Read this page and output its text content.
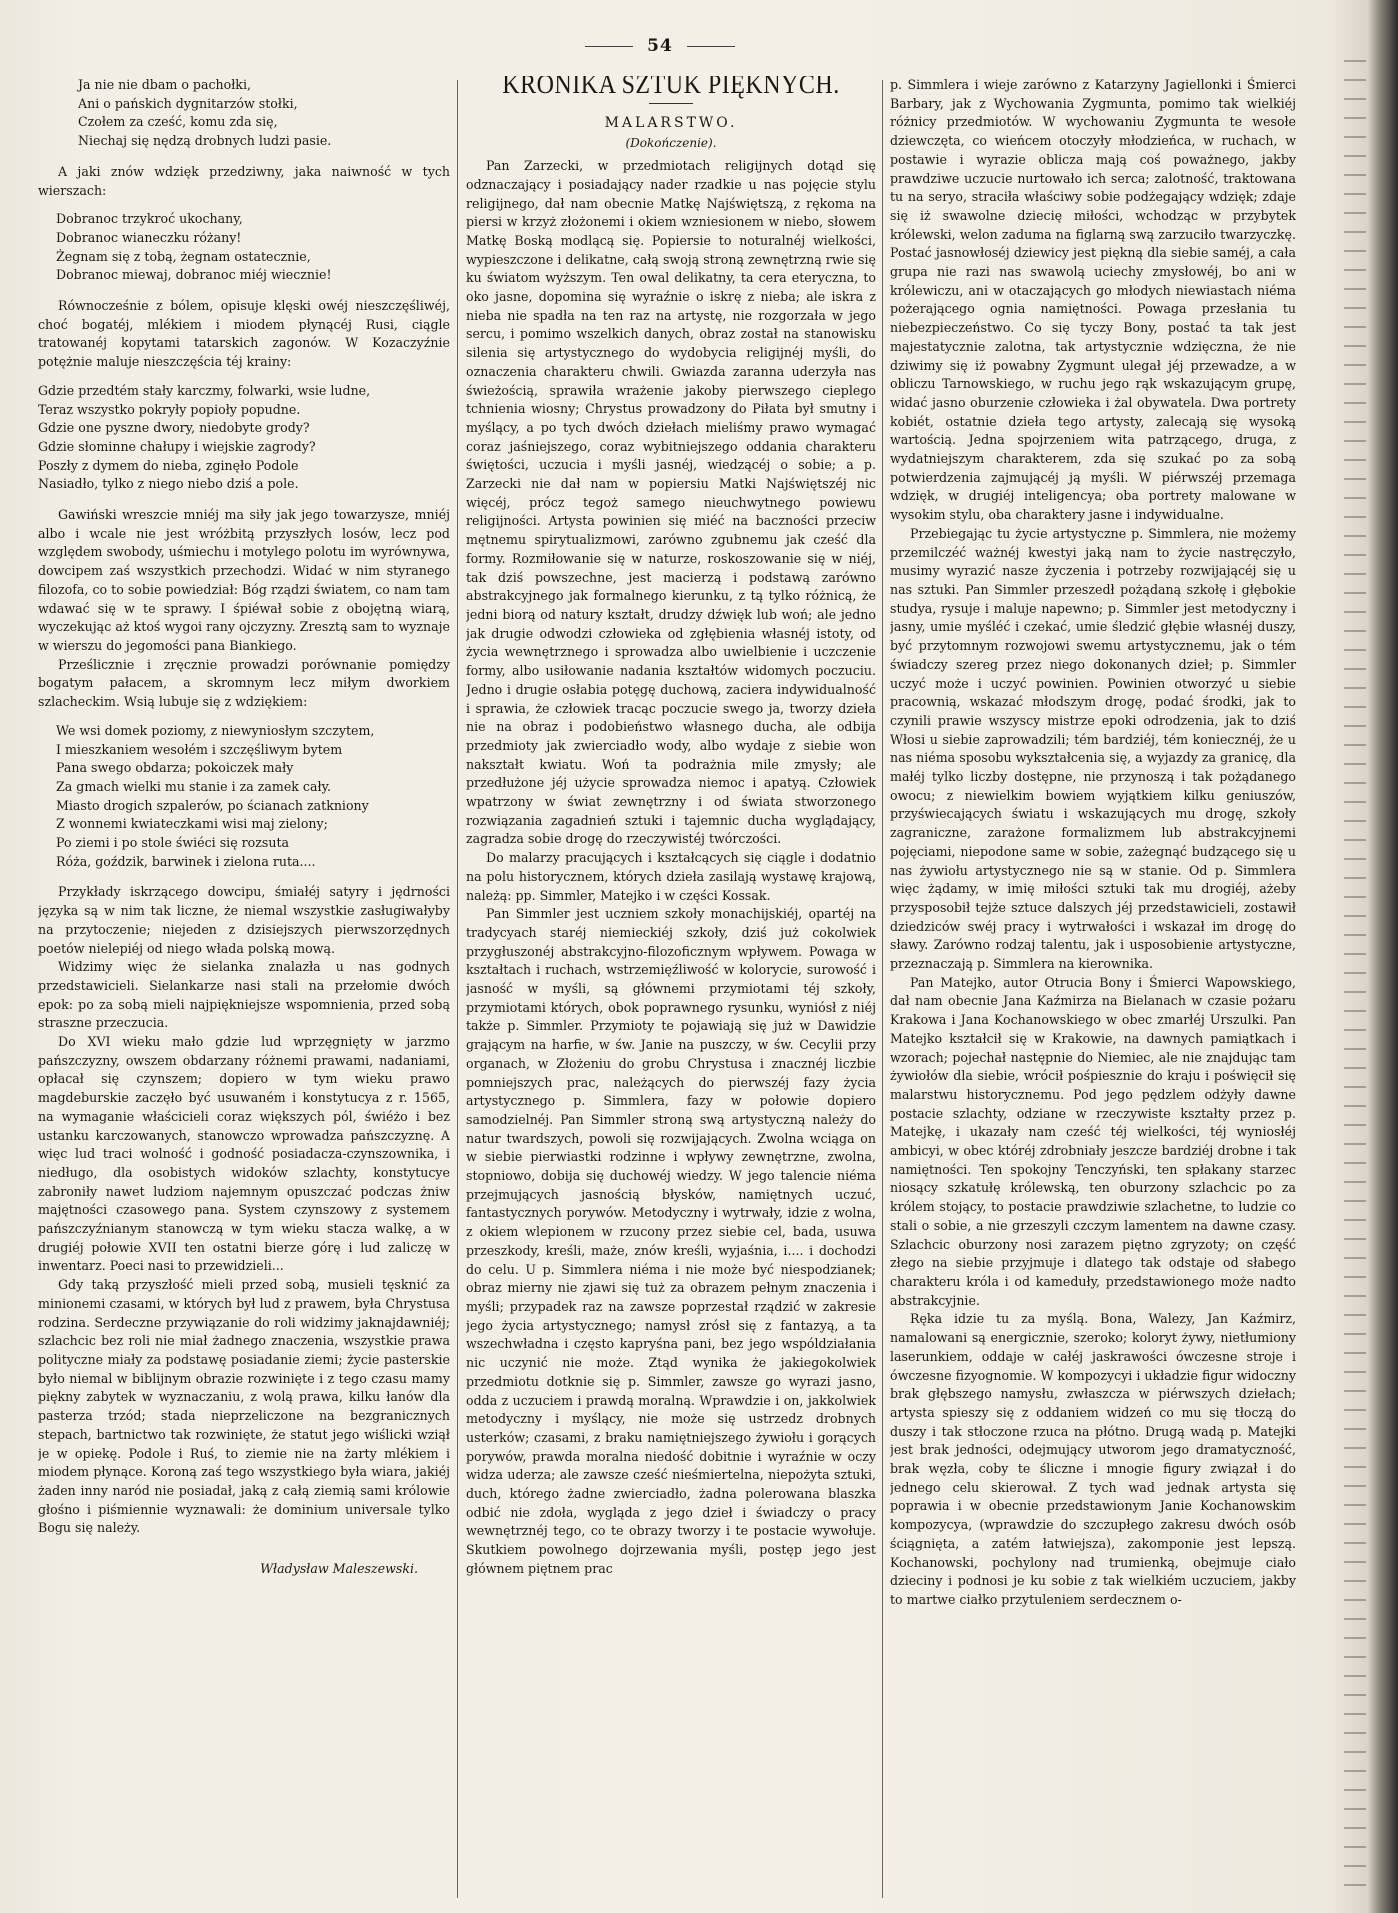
54
Ja nie nie dbam o pachołki,
Ani o pańskich dygnitarzów stołki,
Czołem za cześć, komu zda się,
Niechaj się nędzą drobnych ludzi pasie.

A jaki znów wdzięk przedziwny, jaka naiwność w tych wierszach:

Dobranoc trzykroć ukochany,
Dobranoc wianeczku różany!
Żegnam się z tobą, żegnam ostatecznie,
Dobranoc miewaj, dobranoc miéj wiecznie!

Równocześnie z bólem, opisuje klęski owéj nieszczęśliwéj, choć bogatéj, mlékiem i miodem płynącéj Rusi, ciągle tratowanéj kopytami tatarskich zagonów. W Kozaczyźnie potężnie maluje nieszczęścia téj krainy:

Gdzie przedtém stały karczmy, folwarki, wsie ludne,
Teraz wszystko pokryły popioły popudne.
Gdzie one pyszne dwory, niedobyte grody?
Gdzie słominne chałupy i wiejskie zagrody?
Poszły z dymem do nieba, zginęło Podole
Nasiadło, tylko z niego niebo dziś a pole.

Gawiński wreszcie mniéj ma siły jak jego towarzysze, mniéj albo i wcale nie jest wróżbitą przyszłych losów, lecz pod względem swobody, uśmiechu i motylego polotu im wyrównywa, dowcipem zaś wszystkich przechodzi. Widać w nim styranego filozofa, co to sobie powiedział: Bóg rządzi światem, co nam tam wdawać się w te sprawy. I śpiéwał sobie z obojętną wiarą, wyczekując aż ktoś wygoi rany ojczyzny. Zresztą sam to wyznaje w wierszu do jegomości pana Biankiego.

Prześlicznie i zręcznie prowadzi porównanie pomiędzy bogatym pałacem, a skromnym lecz miłym dworkiem szlacheckim. Wsią lubuje się z wdziękiem:

We wsi domek poziomy, z niewyniosłym szczytem,
I mieszkaniem wesołém i szczęśliwym bytem
Pana swego obdarza; pokoiczek mały
Za gmach wielki mu stanie i za zamek cały.
Miasto drogich szpalerów, po ścianach zatkniony
Z wonnemi kwiateczkami wisi maj zielony;
Po ziemi i po stole świéci się rozsuta
Róża, goździk, barwinek i zielona ruta....

Przykłady iskrzącego dowcipu, śmiałéj satyry i jędrności języka są w nim tak liczne, że niemal wszystkie zasługiwałyby na przytoczenie; niejeden z dzisiejszych pierwszorzędnych poetów nielepiéj od niego włada polską mową.

Widzimy więc że sielanka znalazła u nas godnych przedstawicieli. Sielankarze nasi stali na przełomie dwóch epok: po za sobą mieli najpiękniejsze wspomnienia, przed sobą straszne przeczucia.

Do XVI wieku mało gdzie lud wprzęgnięty w jarzmo pańszczyzny, owszem obdarzany różnemi prawami, nadaniami, opłacał się czynszem; dopiero w tym wieku prawo magdeburskie zaczęło być usuwaném i konstytucya z r. 1565, na wymaganie właścicieli coraz większych pól, świéżo i bez ustanku karczowanych, stanowczo wprowadza pańszczyznę. A więc lud traci wolność i godność posiadacza-czynszownika, i niedługo, dla osobistych widoków szlachty, konstytucye zabroniły nawet ludziom najemnym opuszczać podczas żniw majętności czasowego pana. System czynszowy z systemem pańszczyźnianym stanowczą w tym wieku stacza walkę, a w drugiéj połowie XVII ten ostatni bierze górę i lud zaliczę w inwentarz. Poeci nasi to przewidzieli...

Gdy taką przyszłość mieli przed sobą, musieli tęsknić za minionemi czasami, w których był lud z prawem, była Chrystusa rodzina. Serdeczne przywiązanie do roli widzimy jaknajdawniéj; szlachcic bez roli nie miał żadnego znaczenia, wszystkie prawa polityczne miały za podstawę posiadanie ziemi; życie pasterskie było niemal w biblijnym obrazie rozwinięte i z tego czasu mamy piękny zabytek w wyznaczaniu, z wolą prawa, kilku łanów dla pasterza trzód; stada nieprzeliczone na bezgranicznych stepach, bartnictwo tak rozwinięte, że statut jego wiślicki wziął je w opiekę. Podole i Ruś, to ziemie nie na żarty mlékiem i miodem płynące. Koroną zaś tego wszystkiego była wiara, jakiéj żaden inny naród nie posiadał, jaką z całą ziemią sami królowie głośno i piśmiennie wyznawali: że dominium universale tylko Bogu się należy.

Władysław Maleszewski.
KRONIKA SZTUK PIĘKNYCH.
MALARSTWO.
(Dokończenie).

Pan Zarzecki, w przedmiotach religijnych dotąd się odznaczający i posiadający nader rzadkie u nas pojęcie stylu religijnego, dał nam obecnie Matkę Najświętszą, z rękoma na piersi w krzyż złożonemi i okiem wzniesionem w niebo, słowem Matkę Boską modlącą się. Popiersie to noturalnéj wielkości, wypieszczone i delikatne, całą swoją stroną zewnętrzną rwie się ku światom wyższym. Ten owal delikatny, ta cera eteryczna, to oko jasne, dopomina się wyraźnie o iskrę z nieba; ale iskra z nieba nie spadła na ten raz na artystę, nie rozgorzała w jego sercu, i pomimo wszelkich danych, obraz został na stanowisku silenia się artystycznego do wydobycia religijnéj myśli, do oznaczenia charakteru chwili. Gwiazda zaranna uderzyła nas świeżością, sprawiła wrażenie jakoby pierwszego cieplego tchnienia wiosny; Chrystus prowadzony do Piłata był smutny i myślący, a po tych dwóch dziełach mieliśmy prawo wymagać coraz jaśniejszego, coraz wybitniejszego oddania charakteru świętości, uczucia i myśli jasnéj, wiedzącéj o sobie; a p. Zarzecki nie dał nam w popiersiu Matki Najświętszéj nic więcéj, prócz tegoż samego nieuchwytnego powiewu religijności. Artysta powinien się miéć na baczności przeciw mętnemu spirytualizmowi, zarówno zgubnemu jak cześć dla formy. Rozmiłowanie się w naturze, roskoszowanie się w niéj, tak dziś powszechne, jest macierzą i podstawą zarówno abstrakcyjnego jak formalnego kierunku, z tą tylko różnicą, że jedni biorą od natury kształt, drudzy dźwięk lub woń; ale jedno jak drugie odwodzi człowieka od zgłębienia własnéj istoty, od życia wewnętrznego i sprowadza albo uwielbienie i uczczenie formy, albo usiłowanie nadania kształtów widomych poczuciu. Jedno i drugie osłabia potęgę duchową, zaciera indywidualność i sprawia, że człowiek tracąc poczucie swego ja, tworzy dzieła nie na obraz i podobieństwo własnego ducha, ale odbija przedmioty jak zwierciadło wody, albo wydaje z siebie won nakształt kwiatu. Woń ta podrażnia mile zmysły; ale przedłużone jéj użycie sprowadza niemoc i apatyą. Człowiek wpatrzony w świat zewnętrzny i od świata stworzonego rozwiązania zagadnień sztuki i tajemnic ducha wyglądający, zagradza sobie drogę do rzeczywistéj twórczości.

Do malarzy pracujących i kształcących się ciągle i dodatnio na polu historycznem, których dzieła zasilają wystawę krajową, należą: pp. Simmler, Matejko i w części Kossak.

Pan Simmler jest uczniem szkoły monachijskiéj, opartéj na tradycyach staréj niemieckiéj szkoły, dziś już cokolwiek przygłuszonéj abstrakcyjno-filozoficznym wpływem. Powaga w kształtach i ruchach, wstrzemięźliwość w kolorycie, surowość i jasność w myśli, są głównemi przymiotami téj szkoły, przymiotami których, obok poprawnego rysunku, wyniósł z niéj także p. Simmler. Przymioty te pojawiają się już w Dawidzie grającym na harfie, w św. Janie na puszczy, w św. Cecylii przy organach, w Złożeniu do grobu Chrystusa i znacznéj liczbie pomniejszych prac, należących do pierwszéj fazy życia artystycznego p. Simmlera, fazy w połowie dopiero samodzielnéj. Pan Simmler stroną swą artystyczną należy do natur twardszych, powoli się rozwijających. Zwolna wciąga on w siebie pierwiastki rodzinne i wpływy zewnętrzne, zwolna, stopniowo, dobija się duchowéj wiedzy. W jego talencie niéma przejmujących jasnością błysków, namiętnych uczuć, fantastycznych porywów. Metodyczny i wytrwały, idzie z wolna, z okiem wlepionem w rzucony przez siebie cel, bada, usuwa przeszkody, kreśli, maże, znów kreśli, wyjaśnia, i.... i dochodzi do celu. U p. Simmlera niéma i nie może być niespodzianek; obraz mierny nie zjawi się tuż za obrazem pełnym znaczenia i myśli; przypadek raz na zawsze poprzestał rządzić w zakresie jego życia artystycznego; namysł zrósł się z fantazyą, a ta wszechwładna i często kapryśna pani, bez jego wspóldziałania nic uczynić nie może. Ztąd wynika że jakiegokolwiek przedmiotu dotknie się p. Simmler, zawsze go wyrazi jasno, odda z uczuciem i prawdą moralną. Wprawdzie i on, jakkolwiek metodyczny i myślący, nie może się ustrzedz drobnych usterków; czasami, z braku namiętniejszego żywiołu i gorących porywów, prawda moralna niedość dobitnie i wyraźnie w oczy widza uderza; ale zawsze cześć nieśmiertelna, niepożyta sztuki, duch, którego żadne zwierciadło, żadna polerowana blaszka odbić nie zdoła, wygląda z jego dzieł i świadczy o pracy wewnętrznéj tego, co te obrazy tworzy i te postacie wywołuje. Skutkiem powolnego dojrzewania myśli, postęp jego jest głównem piętnem prac

p. Simmlera i wieje zarówno z Katarzyny Jagiellonki i Śmierci Barbary, jak z Wychowania Zygmunta, pomimo tak wielkiéj różnicy przedmiotów. W wychowaniu Zygmunta te wesołe dziewczęta, co wieńcem otoczyły młodzieńca, w ruchach, w postawie i wyrazie oblicza mają coś poważnego, jakby prawdziwe uczucie nurtowało ich serca; zalotność, traktowana tu na seryo, straciła właściwy sobie podżegający wdzięk; zdaje się iż swawolne dziecię miłości, wchodząc w przybytek królewski, welon zaduma na figlarną swą zarzuciło twarzyczkę. Postać jasnowłoséj dziewicy jest piękną dla siebie saméj, a cała grupa nie razi nas swawolą uciechy zmysłowéj, bo ani w królewiczu, ani w otaczających go młodych niewiastach niéma pożerającego ognia namiętności. Powaga przesłania tu niebezpieczeństwo. Co się tyczy Bony, postać ta tak jest majestatycznie zalotna, tak artystycznie wdzięczna, że nie dziwimy się iż powabny Zygmunt ulegał jéj przewadze, a w obliczu Tarnowskiego, w ruchu jego rąk wskazującym grupę, widać jasno oburzenie człowieka i żal obywatela. Dwa portrety kobiét, ostatnie dzieła tego artysty, zalecają się wysoką wartością. Jedna spojrzeniem wita patrzącego, druga, z wydatniejszym charakterem, zda się szukać po za sobą potwierdzenia zajmującéj ją myśli. W piérwszéj przemaga wdzięk, w drugiéj inteligencya; oba portrety malowane w wysokim stylu, oba charaktery jasne i indywidualne.

Przebiegając tu życie artystyczne p. Simmlera, nie możemy przemilczéć ważnéj kwestyi jaką nam to życie nastręczyło, musimy wyrazić nasze życzenia i potrzeby rozwijającéj się u nas sztuki. Pan Simmler przeszedł pożądaną szkołę i głębokie studya, rysuje i maluje napewno; p. Simmler jest metodyczny i jasny, umie myśléć i czekać, umie śledzić głębie własnéj duszy, być przytomnym rozwojowi swemu artystycznemu, jak o tém świadczy szereg przez niego dokonanych dzieł; p. Simmler uczyć może i uczyć powinien. Powinien otworzyć u siebie pracownią, wskazać młodszym drogę, podać środki, jak to czynili prawie wszyscy mistrze epoki odrodzenia, jak to dziś Włosi u siebie zaprowadzili; tém bardziéj, tém koniecznéj, że u nas niéma sposobu wykształcenia się, a wyjazdy za granicę, dla małéj tylko liczby dostępne, nie przynoszą i tak pożądanego owocu; z niewielkim bowiem wyjątkiem kilku geniuszów, przyświecających światu i wskazujących mu drogę, szkoły zagraniczne, zarażone formalizmem lub abstrakcyjnemi pojęciami, niepodone same w sobie, zażegnąć budzącego się u nas żywiołu artystycznego nie są w stanie. Od p. Simmlera więc żądamy, w imię miłości sztuki tak mu drogiéj, ażeby przysposobił tejże sztuce dalszych jéj przedstawicieli, zostawił dziedziców swéj pracy i wytrwałości i wskazał im drogę do sławy. Zarówno rodzaj talentu, jak i usposobienie artystyczne, przeznaczają p. Simmlera na kierownika.

Pan Matejko, autor Otrucia Bony i Śmierci Wapowskiego, dał nam obecnie Jana Kaźmirza na Bielanach w czasie pożaru Krakowa i Jana Kochanowskiego w obec zmarłéj Urszulki. Pan Matejko kształcił się w Krakowie, na dawnych pamiątkach i wzorach; pojechał następnie do Niemiec, ale nie znajdując tam żywiołów dla siebie, wrócił pośpiesznie do kraju i poświęcił się malarstwu historycznemu. Pod jego pędzlem odżyły dawne postacie szlachty, odziane w rzeczywiste kształty przez p. Matejkę, i ukazały nam cześć téj wielkości, téj wyniosłéj ambicyi, w obec któréj zdrobniały jeszcze bardziéj drobne i tak namiętności. Ten spokojny Tenczyński, ten spłakany starzec niosący szkatułę królewską, ten oburzony szlachcic po za królem stojący, to postacie prawdziwie szlachetne, to ludzie co stali o sobie, a nie grzeszyli czczym lamentem na dawne czasy. Szlachcic oburzony nosi zarazem piętno zgryzoty; on część złego na siebie przyjmuje i dlatego tak odstaje od słabego charakteru króla i od kameduły, przedstawionego może nadto abstrakcyjnie.

Ręka idzie tu za myślą. Bona, Walezy, Jan Kaźmirz, namalowani są energicznie, szeroko; koloryt żywy, nietłumiony laserunkiem, oddaje w całéj jaskrawości ówczesne stroje i ówczesne fizyognomie. W kompozycyi i układzie figur widoczny brak głębszego namysłu, zwłaszcza w piérwszych dziełach; artysta spieszy się z oddaniem widzeń co mu się tłoczą do duszy i tak stłoczone rzuca na płótno. Drugą wadą p. Matejki jest brak jedności, odejmujący utworom jego dramatyczność, brak węzła, coby te śliczne i mnogie figury związał i do jednego celu skierował. Z tych wad jednak artysta się poprawia i w obecnie przedstawionym Janie Kochanowskim kompozycya, (wprawdzie do szczupłego zakresu dwóch osób ściągnięta, a zatém łatwiejsza), zakomponie jest lepszą. Kochanowski, pochylony nad trumienką, obejmuje ciało dzieciny i podnosi je ku sobie z tak wielkiém uczuciem, jakby to martwe ciałko przytuleniem serdecznem o-
